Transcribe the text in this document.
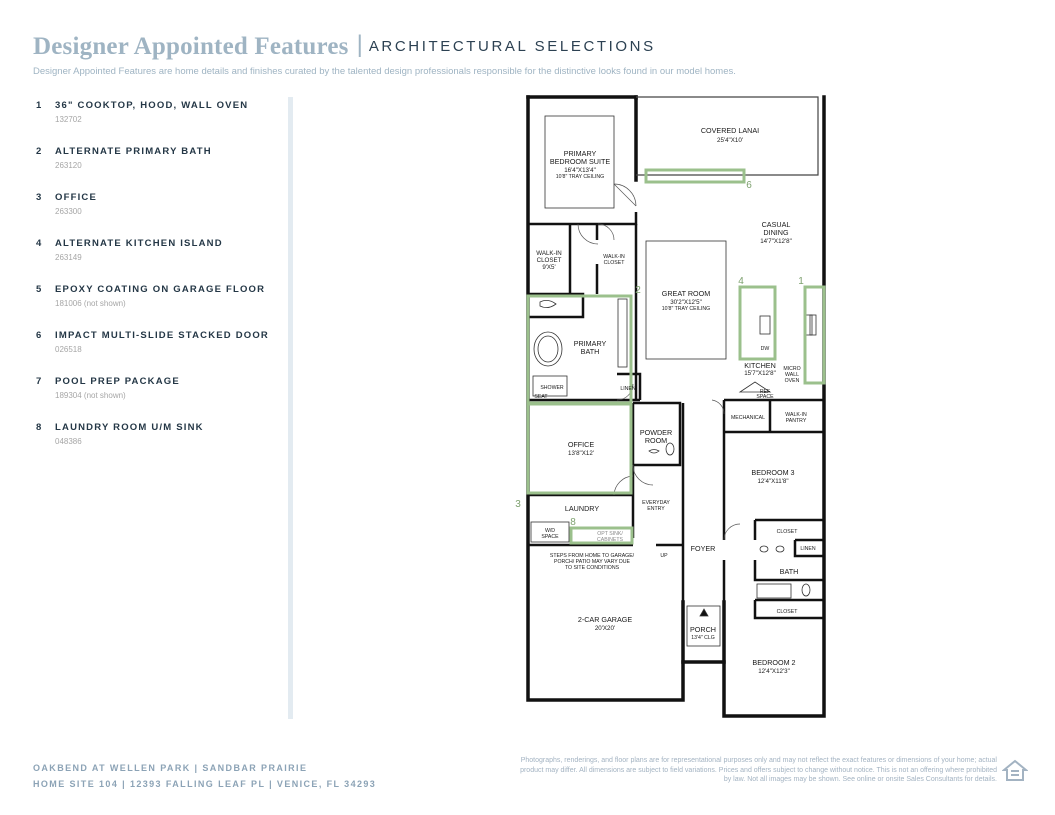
Designer Appointed Features | ARCHITECTURAL SELECTIONS
Designer Appointed Features are home details and finishes curated by the talented design professionals responsible for the distinctive looks found in our model homes.
1 36" COOKTOP, HOOD, WALL OVEN
132702
2 ALTERNATE PRIMARY BATH
263120
3 OFFICE
263300
4 ALTERNATE KITCHEN ISLAND
263149
5 EPOXY COATING ON GARAGE FLOOR
181006 (not shown)
6 IMPACT MULTI-SLIDE STACKED DOOR
026518
7 POOL PREP PACKAGE
189304 (not shown)
8 LAUNDRY ROOM U/M SINK
048386
COVERED LANAI
25'4"X10'
PRIMARY
BEDROOM SUITE
16'4"X13'4"
10'8" TRAY CEILING
CASUAL
DINING
14'7"X12'8"
WALK-IN
CLOSET
9'X5'
WALK-IN
CLOSET
GREAT ROOM
30'2"X12'5"
10'8" TRAY CEILING
PRIMARY
BATH
SHOWER
SEAT
LINEN
DW
KITCHEN
15'7"X12'8"
MICRO
WALL
OVEN
REF
SPACE
MECHANICAL	WALK-IN
PANTRY
OFFICE
13'8"X12'
POWDER
ROOM
BEDROOM 3
12'4"X11'8"
LAUNDRY
EVERYDAY
ENTRY
W/D
SPACE	OPT SINK/
CABINETS
CLOSET
LINEN
FOYER
UP
STEPS FROM HOME TO GARAGE/
PORCH/ PATIO MAY VARY DUE
TO SITE CONDITIONS	BATH
CLOSET
2-CAR GARAGE
20'X20'	PORCH
13'4" CLG
BEDROOM 2
12'4"X12'3"
1
2
3
4
6
8
OAKBEND AT WELLEN PARK | SANDBAR PRAIRIE
HOME SITE 104 | 12393 FALLING LEAF PL | VENICE, FL 34293
Photographs, renderings, and floor plans are for representational purposes only and may not reflect the exact features or dimensions of your home; actual product may differ. All dimensions are subject to field variations. Prices and offers subject to change without notice. This is not an offering where prohibited by law. Not all images may be shown. See online or onsite Sales Consultants for details.
